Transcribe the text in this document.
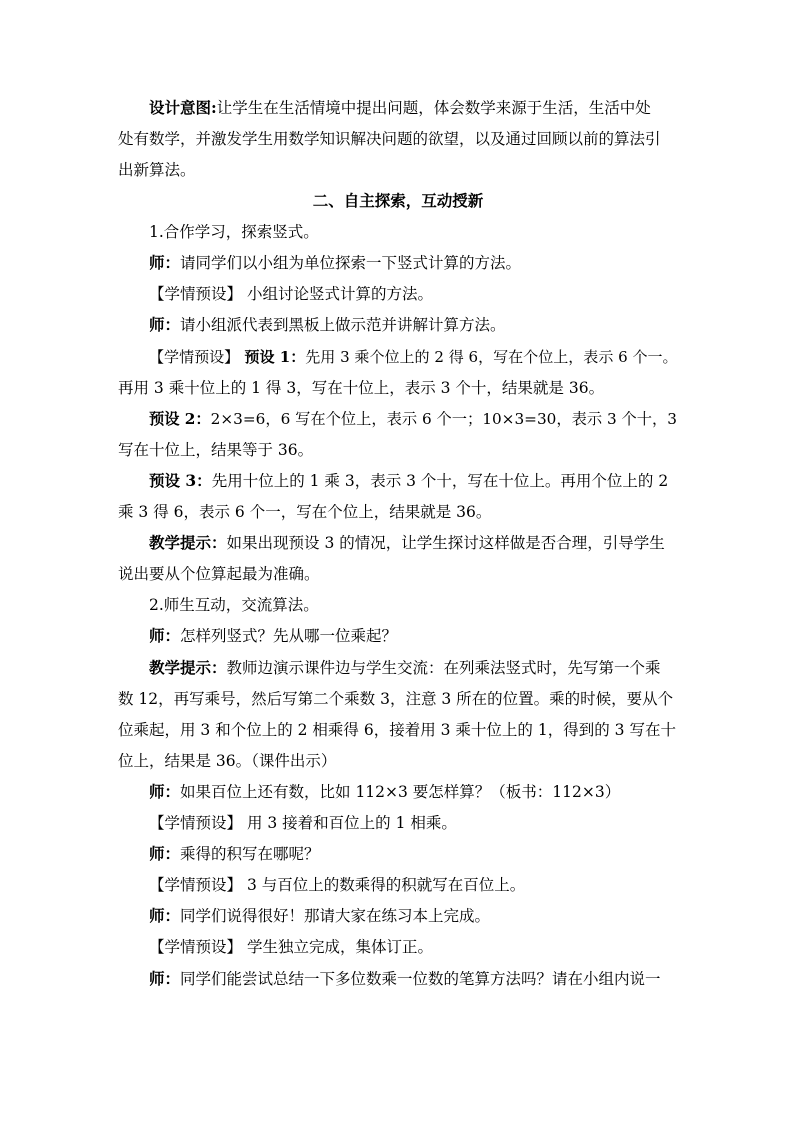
设计意图:让学生在生活情境中提出问题，体会数学来源于生活，生活中处
处有数学，并激发学生用数学知识解决问题的欲望，以及通过回顾以前的算法引
出新算法。
二、自主探索，互动授新
1.合作学习，探索竖式。
师：请同学们以小组为单位探索一下竖式计算的方法。
【学情预设】 小组讨论竖式计算的方法。
师：请小组派代表到黑板上做示范并讲解计算方法。
【学情预设】 预设 1：先用 3 乘个位上的 2 得 6，写在个位上，表示 6 个一。
再用 3 乘十位上的 1 得 3，写在十位上，表示 3 个十，结果就是 36。
预设 2：2×3=6，6 写在个位上，表示 6 个一；10×3=30，表示 3 个十，3
写在十位上，结果等于 36。
预设 3：先用十位上的 1 乘 3，表示 3 个十，写在十位上。再用个位上的 2
乘 3 得 6，表示 6 个一，写在个位上，结果就是 36。
教学提示：如果出现预设 3 的情况，让学生探讨这样做是否合理，引导学生
说出要从个位算起最为准确。
2.师生互动，交流算法。
师：怎样列竖式？先从哪一位乘起？
教学提示：教师边演示课件边与学生交流：在列乘法竖式时，先写第一个乘
数 12，再写乘号，然后写第二个乘数 3，注意 3 所在的位置。乘的时候，要从个
位乘起，用 3 和个位上的 2 相乘得 6，接着用 3 乘十位上的 1，得到的 3 写在十
位上，结果是 36。（课件出示）
师：如果百位上还有数，比如 112×3 要怎样算？（板书：112×3）
【学情预设】 用 3 接着和百位上的 1 相乘。
师：乘得的积写在哪呢？
【学情预设】 3 与百位上的数乘得的积就写在百位上。
师：同学们说得很好！那请大家在练习本上完成。
【学情预设】 学生独立完成，集体订正。
师：同学们能尝试总结一下多位数乘一位数的笔算方法吗？请在小组内说一
